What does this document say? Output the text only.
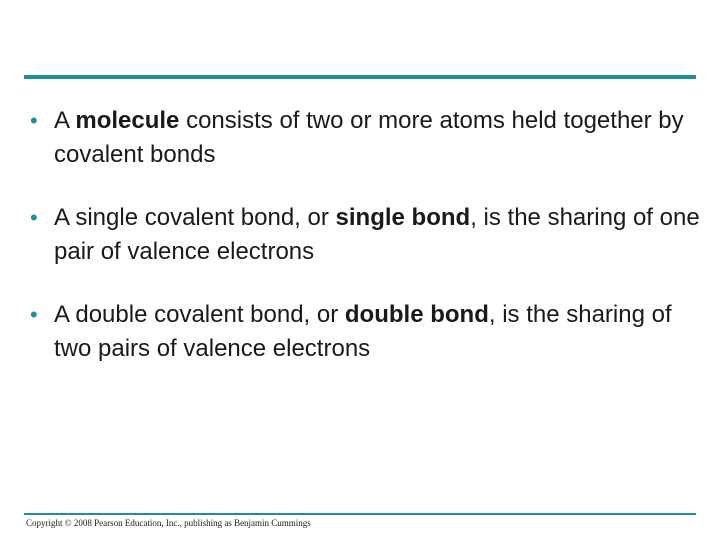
• A molecule consists of two or more atoms held together by covalent bonds
• A single covalent bond, or single bond, is the sharing of one pair of valence electrons
• A double covalent bond, or double bond, is the sharing of two pairs of valence electrons
Copyright © 2008 Pearson Education, Inc., publishing as Benjamin Cummings
